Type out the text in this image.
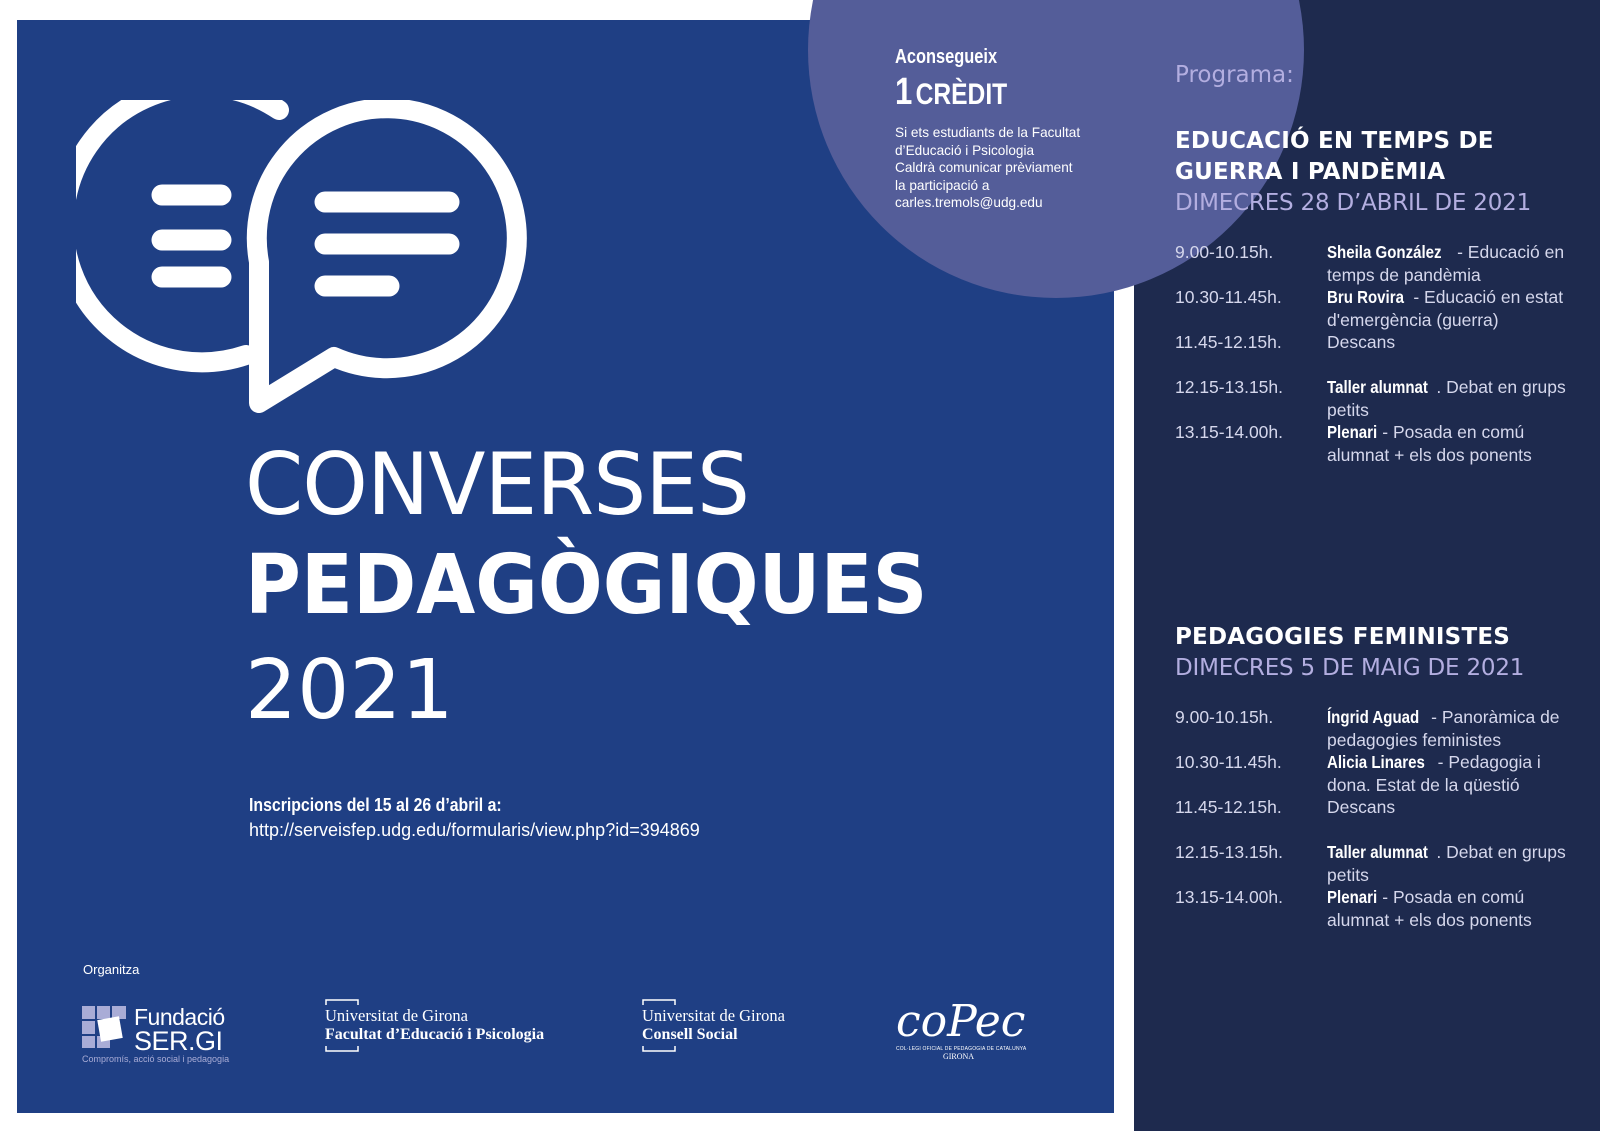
Aconsegueix
1 CRÈDIT
Si ets estudiants de la Facultat
d’Educació i Psicologia
Caldrà comunicar prèviament
la participació a
carles.tremols@udg.edu
CONVERSES
PEDAGÒGIQUES
2021
Inscripcions del 15 al 26 d’abril a:
http://serveisfep.udg.edu/formularis/view.php?id=394869
Organitza
Fundació
SER.GI
Compromís, acció social i pedagogia
Universitat de Girona
Facultat d’Educació i Psicologia
Universitat de Girona
Consell Social	coPec
COL·LEGI OFICIAL DE PEDAGOGIA DE CATALUNYA
GIRONA
Programa:
EDUCACIÓ EN TEMPS DE
GUERRA I PANDÈMIA
DIMECRES 28 D’ABRIL DE 2021
9.00-10.15h.	Sheila González - Educació en temps de pandèmia
10.30-11.45h.	Bru Rovira - Educació en estat d'emergència (guerra)
11.45-12.15h.	Descans
12.15-13.15h.	Taller alumnat . Debat en grups petits
13.15-14.00h.	Plenari - Posada en comú alumnat + els dos ponents
PEDAGOGIES FEMINISTES
DIMECRES 5 DE MAIG DE 2021
9.00-10.15h.	Íngrid Aguad - Panoràmica de pedagogies feministes
10.30-11.45h.	Alicia Linares - Pedagogia i dona. Estat de la qüestió
11.45-12.15h.	Descans
12.15-13.15h.	Taller alumnat . Debat en grups petits
13.15-14.00h.	Plenari - Posada en comú alumnat + els dos ponents
